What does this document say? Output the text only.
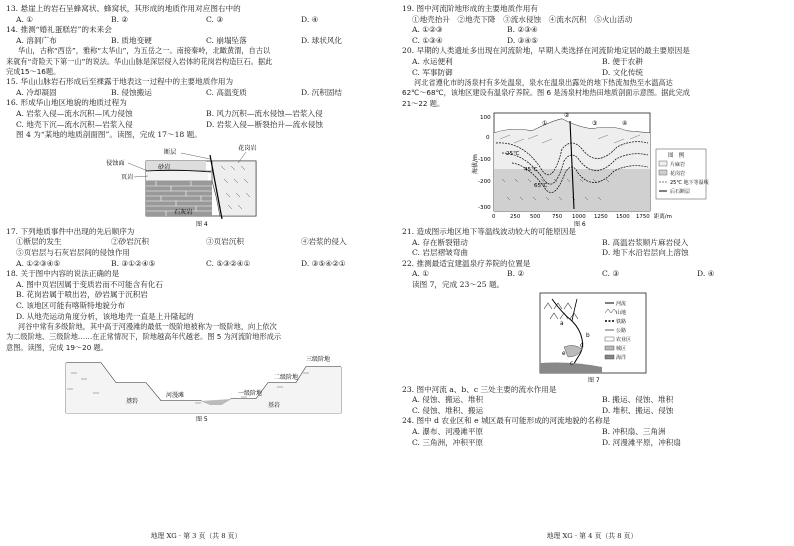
13. 悬崖上的岩石呈蜂窝状、蜂窝状，其形成的地质作用对应图右中的
A. ①	B. ②	C. ③	D. ④
14. 推测“婚礼蛋糕岩”的未来会
A. 溶洞广布	B. 质地变硬	C. 崩塌坠落	D. 球状风化
华山，古称“西岳”，雅称“太华山”，为五岳之一。南接秦岭，北瞰黄渭，自古以
来就有“奇险天下第一山”的说法。华山山脉是深层侵入岩体的花岗岩构造巨石。据此
完成15～16题。
15. 华山山脉岩石形成后至裸露于地表这一过程中的主要地质作用为
A. 冷却凝固	B. 侵蚀搬运	C. 高温变质	D. 沉积固结
16. 形成华山地区地貌的地质过程为
A. 岩浆入侵—流水沉积—风力侵蚀	B. 风力沉积—流水侵蚀—岩浆入侵
C. 地壳下沉—流水沉积—岩浆入侵	D. 岩浆入侵—断裂抬升—流水侵蚀
图 4 为“某地的地质剖面图”。读图，完成 17～18 题。
断层
花岗岩
侵蚀面
砂岩
页岩
石灰岩
图 4
17. 下列地质事件中出现的先后顺序为
①断层的发生	②砂岩沉积	③页岩沉积	④岩浆的侵入
⑤页岩层与石灰岩层间的侵蚀作用
A. ①②③④⑤	B. ③①②④⑤	C. ⑤③②④①	D. ③⑤④②①
18. 关于图中内容的说法正确的是
A. 图中页岩因属于变质岩而不可能含有化石
B. 花岗岩属于喷出岩，砂岩属于沉积岩
C. 该地区可能有喀斯特地貌分布
D. 从地壳运动角度分析，该地地壳一直是上升隆起的
河谷中常有多级阶地，其中高于河漫滩的最低一级阶地被称为一级阶地，向上依次
为二级阶地、三级阶地……在正常情况下，阶地越高年代越老。图 5 为河流阶地形成示
意图。读图，完成 19～20 题。
三级阶地
二级阶地
一级阶地
河漫滩
基岩
基岩
图 5
地理 XG · 第 3 页（共 8 页）
19. 图中河流阶地形成的主要地质作用有
①地壳抬升　②地壳下降　③流水侵蚀　④流水沉积　⑤火山活动
A. ①②③	B. ②③④
C. ①③④	D. ③④⑤
20. 早期的人类遗址多出现在河流阶地，早期人类选择在河流阶地定居的最主要原因是
A. 水运便利	B. 便于农耕
C. 军事防御	D. 文化传统
河北省遵化市的汤泉村有多处温泉，泉水在温泉出露处的地下热流加热至水温高达
62℃～68℃，该地区建设有温泉疗养院。图 6 是汤泉村地热田地质剖面示意图。据此完成
21～22 题。
海拔/m
100
0
-100
-200
-300
①
②
③	④
25℃
45℃
65℃
0	250 500 750 1000 1250 1500 1750 距离/m
图　例
片麻岩
花岗岩
25℃ 地下等温线
后石断层
图 6
21. 造成图示地区地下等温线波动较大的可能原因是
A. 存在断裂错动	B. 高温岩浆顺片麻岩侵入
C. 岩层褶皱弯曲	D. 地下水沿岩层向上溶蚀
22. 推测最适宜建温泉疗养院的位置是
A. ①	B. ②	C. ③	D. ④
读图 7，完成 23～25 题。
a
b
c
d
e
河流
山地
铁路
公路
农业区
城区
海洋
图 7
23. 图中河流 a、b、c 三处主要的流水作用是
A. 侵蚀、搬运、堆积	B. 搬运、侵蚀、堆积
C. 侵蚀、堆积、搬运	D. 堆积、搬运、侵蚀
24. 图中 d 农业区和 e 城区最有可能形成的河流地貌的名称是
A. 瀑布、河漫滩平原	B. 冲积扇、三角洲
C. 三角洲，冲积平原	D. 河漫滩平原，冲积扇
地理 XG · 第 4 页（共 8 页）
